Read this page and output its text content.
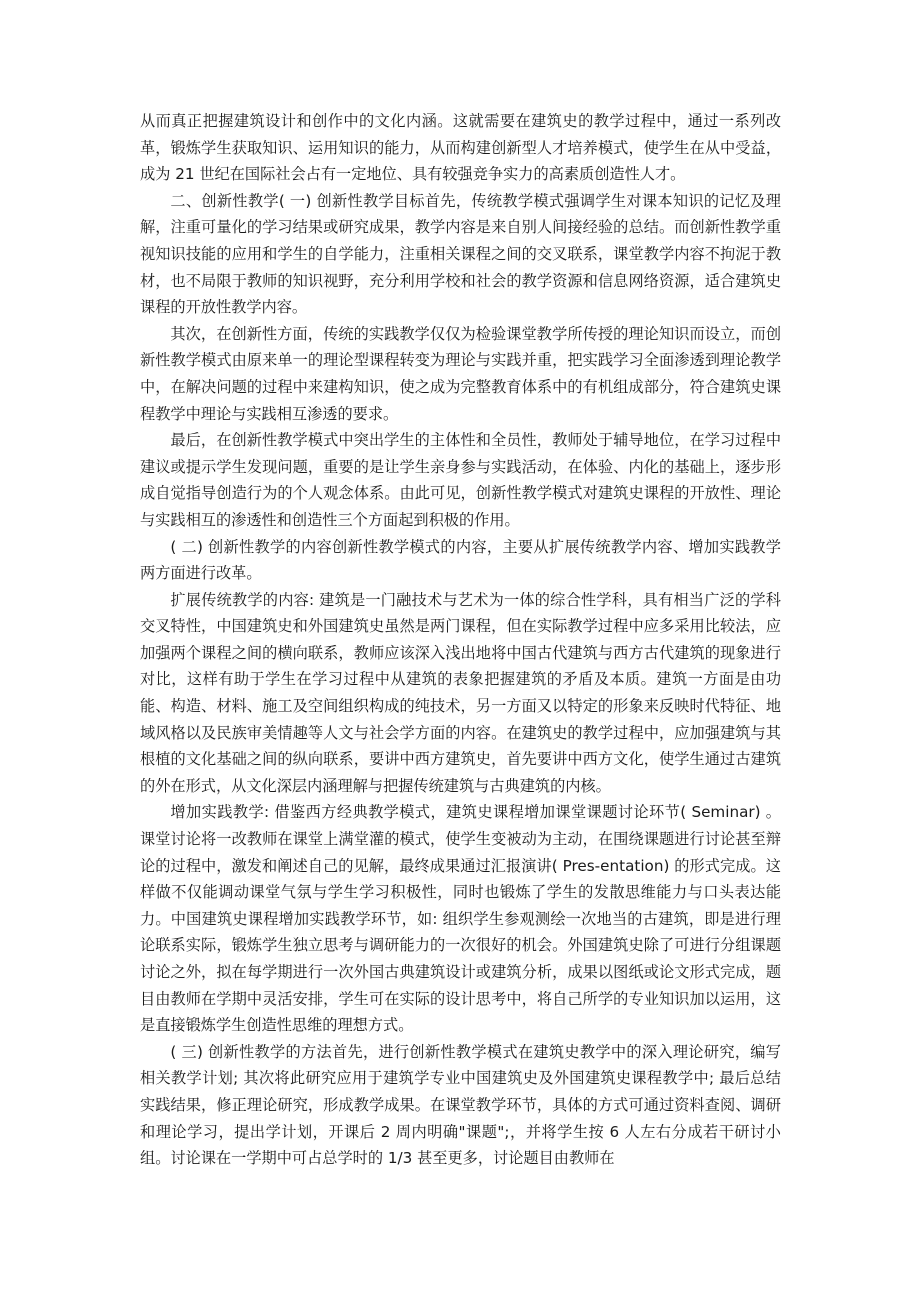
从而真正把握建筑设计和创作中的文化内涵。这就需要在建筑史的教学过程中，通过一系列改革，锻炼学生获取知识、运用知识的能力，从而构建创新型人才培养模式，使学生在从中受益，成为 21 世纪在国际社会占有一定地位、具有较强竞争实力的高素质创造性人才。

二、创新性教学( 一) 创新性教学目标首先，传统教学模式强调学生对课本知识的记忆及理解，注重可量化的学习结果或研究成果，教学内容是来自别人间接经验的总结。而创新性教学重视知识技能的应用和学生的自学能力，注重相关课程之间的交叉联系，课堂教学内容不拘泥于教材，也不局限于教师的知识视野，充分利用学校和社会的教学资源和信息网络资源，适合建筑史课程的开放性教学内容。

其次，在创新性方面，传统的实践教学仅仅为检验课堂教学所传授的理论知识而设立，而创新性教学模式由原来单一的理论型课程转变为理论与实践并重，把实践学习全面渗透到理论教学中，在解决问题的过程中来建构知识，使之成为完整教育体系中的有机组成部分，符合建筑史课程教学中理论与实践相互渗透的要求。

最后，在创新性教学模式中突出学生的主体性和全员性，教师处于辅导地位，在学习过程中建议或提示学生发现问题，重要的是让学生亲身参与实践活动，在体验、内化的基础上，逐步形成自觉指导创造行为的个人观念体系。由此可见，创新性教学模式对建筑史课程的开放性、理论与实践相互的渗透性和创造性三个方面起到积极的作用。

( 二) 创新性教学的内容创新性教学模式的内容，主要从扩展传统教学内容、增加实践教学两方面进行改革。

扩展传统教学的内容: 建筑是一门融技术与艺术为一体的综合性学科，具有相当广泛的学科交叉特性，中国建筑史和外国建筑史虽然是两门课程，但在实际教学过程中应多采用比较法，应加强两个课程之间的横向联系，教师应该深入浅出地将中国古代建筑与西方古代建筑的现象进行对比，这样有助于学生在学习过程中从建筑的表象把握建筑的矛盾及本质。建筑一方面是由功能、构造、材料、施工及空间组织构成的纯技术，另一方面又以特定的形象来反映时代特征、地域风格以及民族审美情趣等人文与社会学方面的内容。在建筑史的教学过程中，应加强建筑与其根植的文化基础之间的纵向联系，要讲中西方建筑史，首先要讲中西方文化，使学生通过古建筑的外在形式，从文化深层内涵理解与把握传统建筑与古典建筑的内核。

增加实践教学: 借鉴西方经典教学模式，建筑史课程增加课堂课题讨论环节( Seminar) 。课堂讨论将一改教师在课堂上满堂灌的模式，使学生变被动为主动，在围绕课题进行讨论甚至辩论的过程中，激发和阐述自己的见解，最终成果通过汇报演讲( Pres-entation) 的形式完成。这样做不仅能调动课堂气氛与学生学习积极性，同时也锻炼了学生的发散思维能力与口头表达能力。中国建筑史课程增加实践教学环节，如: 组织学生参观测绘一次地当的古建筑，即是进行理论联系实际，锻炼学生独立思考与调研能力的一次很好的机会。外国建筑史除了可进行分组课题讨论之外，拟在每学期进行一次外国古典建筑设计或建筑分析，成果以图纸或论文形式完成，题目由教师在学期中灵活安排，学生可在实际的设计思考中，将自己所学的专业知识加以运用，这是直接锻炼学生创造性思维的理想方式。

( 三) 创新性教学的方法首先，进行创新性教学模式在建筑史教学中的深入理论研究，编写相关教学计划; 其次将此研究应用于建筑学专业中国建筑史及外国建筑史课程教学中; 最后总结实践结果，修正理论研究，形成教学成果。在课堂教学环节，具体的方式可通过资料查阅、调研和理论学习，提出学计划，开课后 2 周内明确"课题";，并将学生按 6 人左右分成若干研讨小组。讨论课在一学期中可占总学时的 1/3 甚至更多，讨论题目由教师在
